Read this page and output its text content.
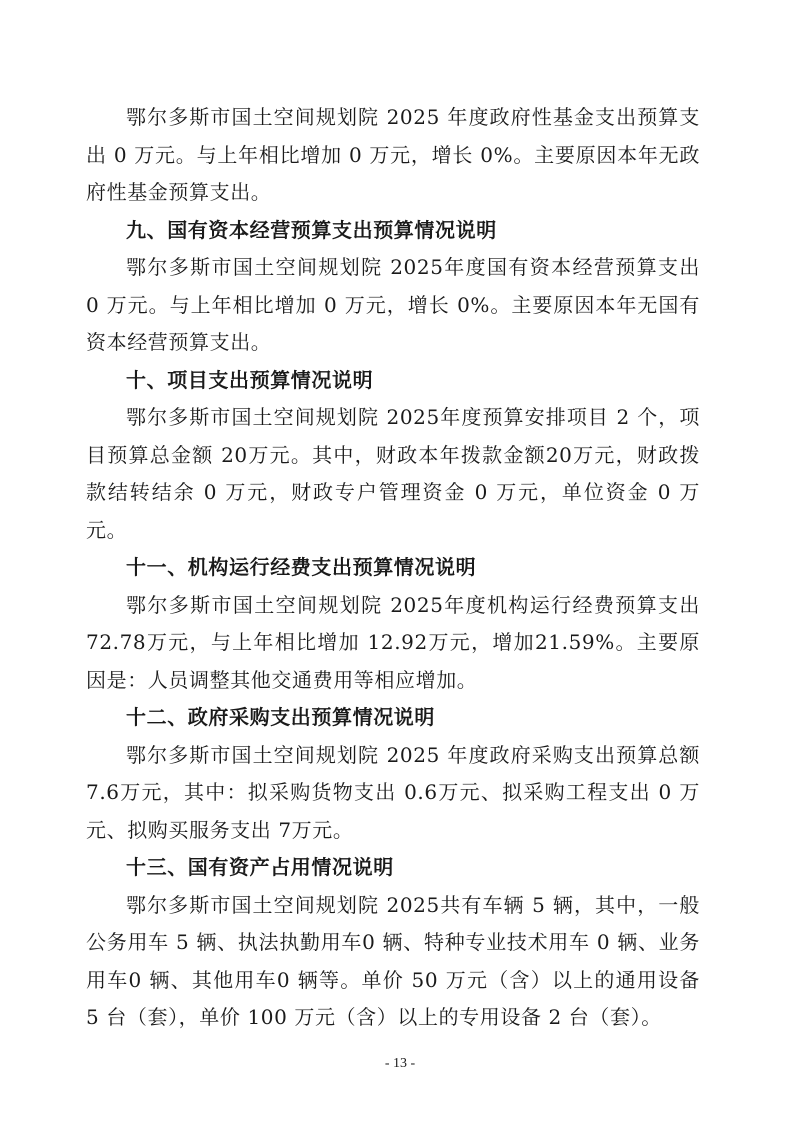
鄂尔多斯市国土空间规划院 2025 年度政府性基金支出预算支出 0 万元。与上年相比增加 0 万元，增长 0%。主要原因本年无政府性基金预算支出。

九、国有资本经营预算支出预算情况说明

鄂尔多斯市国土空间规划院 2025年度国有资本经营预算支出 0 万元。与上年相比增加 0 万元，增长 0%。主要原因本年无国有资本经营预算支出。

十、项目支出预算情况说明

鄂尔多斯市国土空间规划院 2025年度预算安排项目 2 个，项目预算总金额 20万元。其中，财政本年拨款金额20万元，财政拨款结转结余 0 万元，财政专户管理资金 0 万元，单位资金 0 万元。

十一、机构运行经费支出预算情况说明

鄂尔多斯市国土空间规划院 2025年度机构运行经费预算支出72.78万元，与上年相比增加 12.92万元，增加21.59%。主要原因是：人员调整其他交通费用等相应增加。

十二、政府采购支出预算情况说明

鄂尔多斯市国土空间规划院 2025 年度政府采购支出预算总额7.6万元，其中：拟采购货物支出 0.6万元、拟采购工程支出 0 万元、拟购买服务支出 7万元。

十三、国有资产占用情况说明

鄂尔多斯市国土空间规划院 2025共有车辆 5 辆，其中，一般公务用车 5 辆、执法执勤用车0 辆、特种专业技术用车 0 辆、业务用车0 辆、其他用车0 辆等。单价 50 万元（含）以上的通用设备 5 台（套），单价 100 万元（含）以上的专用设备 2 台（套）。

- 13 -
